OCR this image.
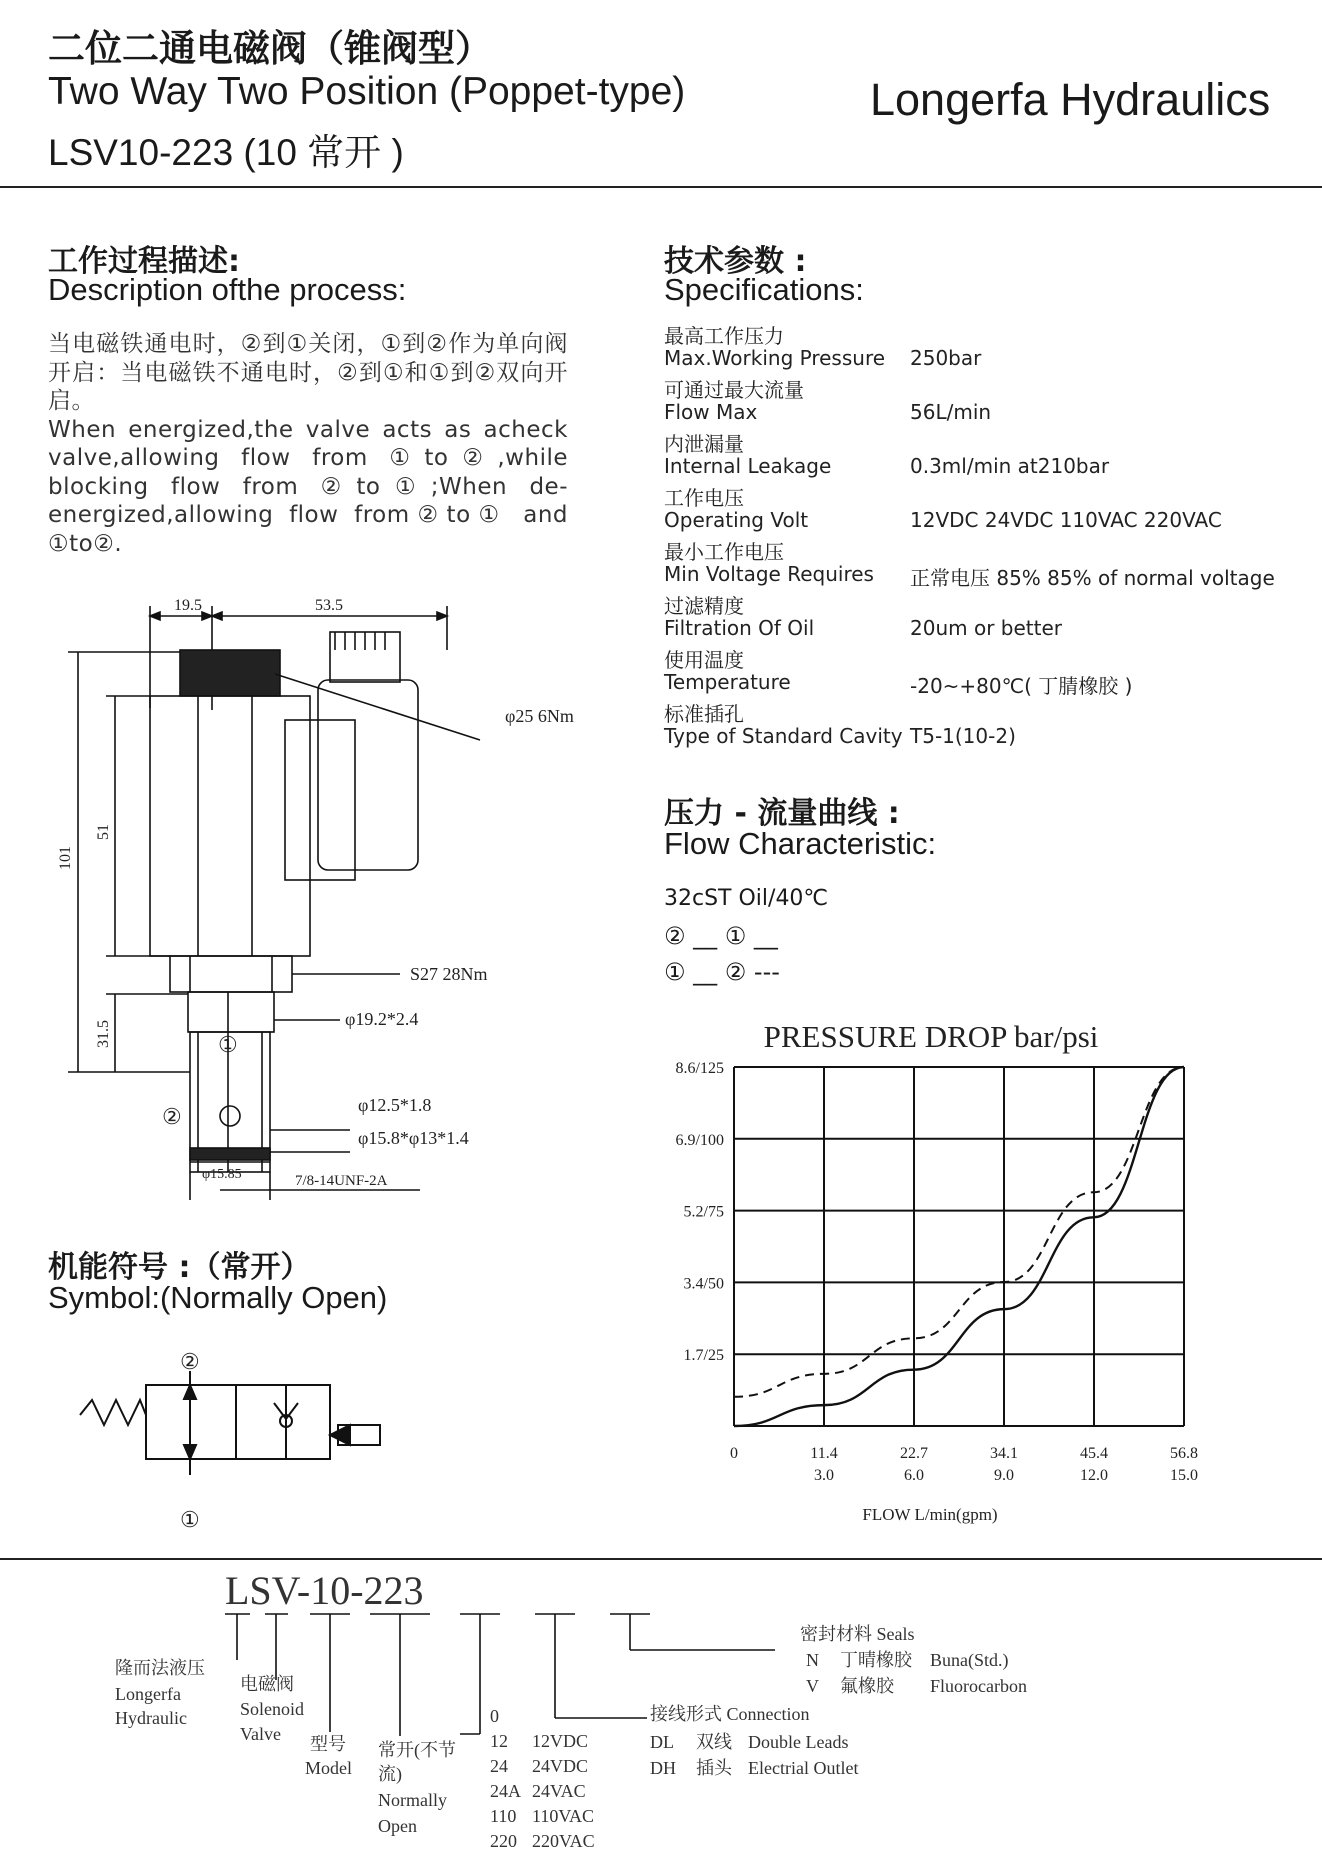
二位二通电磁阀（锥阀型）
Two Way Two Position (Poppet-type)
LSV10-223 (10 常开 )
Longerfa Hydraulics
工作过程描述:
Description ofthe process:
当电磁铁通电时，②到①关闭，①到②作为单向阀开启：当电磁铁不通电时，②到①和①到②双向开启。
When energized,the valve acts as acheck valve,allowing flow from ①to②,while blocking flow from ②to①;When de-energized,allowing flow from②to① and ①to②.
技术参数 :
Specifications:
最高工作压力
Max.Working Pressure 250bar
可通过最大流量
Flow Max	56L/min
内泄漏量
Internal Leakage	0.3ml/min at210bar
工作电压
Operating Volt	12VDC 24VDC 110VAC 220VAC
最小工作电压
Min Voltage Requires 正常电压 85% 85% of normal voltage
过滤精度
Filtration Of Oil	20um or better
使用温度
Temperature	-20~+80℃( 丁腈橡胶 )
标准插孔
Type of Standard Cavity T5-1(10-2)
压力 - 流量曲线 :
Flow Characteristic:
32cST Oil/40℃
② __ ① __
① __ ② ---
PRESSURE DROP bar/psi
1.7/25
3.4/50
5.2/75
6.9/100
8.6/125
0	11.4
3.0
22.7
6.0
34.1
9.0
45.4
12.0
56.8
15.0
FLOW L/min(gpm)
19.5	53.5
101
51
31.5
φ25 6Nm
S27 28Nm
φ19.2*2.4
φ12.5*1.8
φ15.8*φ13*1.4
②
①
φ15.85	7/8-14UNF-2A
机能符号 :（常开）
Symbol:(Normally Open)
②
①
LSV-10-223
隆而法液压
Longerfa
Hydraulic
电磁阀
Solenoid
Valve 型号
Model
常开(不节
流)
Normally
Open
0
12 12VDC
24 24VDC
24A 24VAC
110 110VAC
220 220VAC
接线形式 Connection
DL 双线 Double Leads
DH 插头 Electrial Outlet
密封材料 Seals
N 丁晴橡胶 Buna(Std.)
V 氟橡胶 Fluorocarbon
